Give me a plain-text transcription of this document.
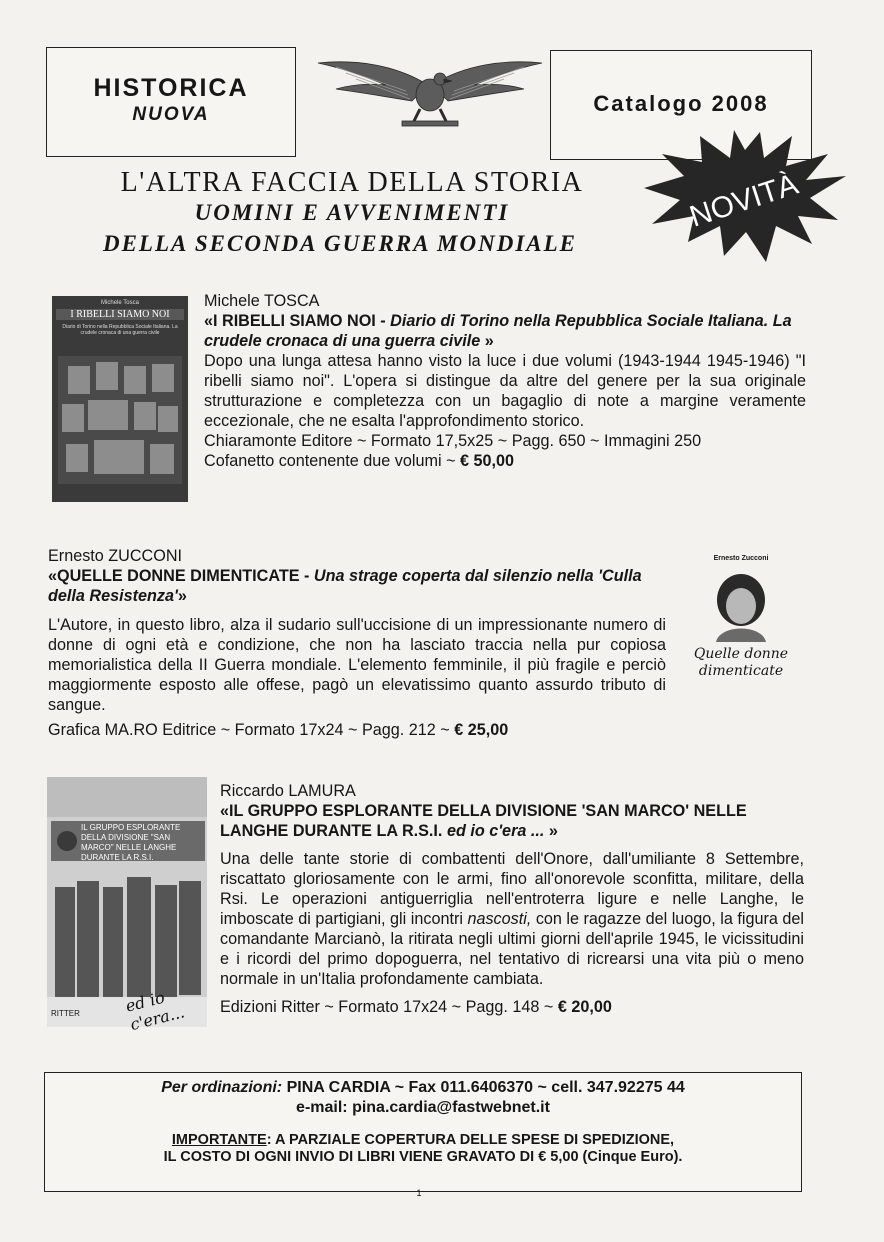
HISTORICA
NUOVA	Catalogo 2008
NOVITÀ
L'ALTRA FACCIA DELLA STORIA
UOMINI E AVVENIMENTI
DELLA SECONDA GUERRA MONDIALE
Michele Tosca
I RIBELLI SIAMO NOI
Diario di Torino nella Repubblica Sociale Italiana. La crudele cronaca di una guerra civile

Michele TOSCA

«I RIBELLI SIAMO NOI - Diario di Torino nella Repubblica Sociale Italiana. La crudele cronaca di una guerra civile »

Dopo una lunga attesa hanno visto la luce i due volumi (1943-1944 1945-1946) "I ribelli siamo noi". L'opera si distingue da altre del genere per la sua originale strutturazione e completezza con un bagaglio di note a margine veramente eccezionale, che ne esalta l'approfondimento storico.

Chiaramonte Editore ~ Formato 17,5x25 ~ Pagg. 650 ~ Immagini 250

Cofanetto contenente due volumi ~ € 50,00

Ernesto ZUCCONI

«QUELLE DONNE DIMENTICATE - Una strage coperta dal silenzio nella 'Culla della Resistenza'»

L'Autore, in questo libro, alza il sudario sull'uccisione di un impressionante numero di donne di ogni età e condizione, che non ha lasciato traccia nella pur copiosa memorialistica della II Guerra mondiale. L'elemento femminile, il più fragile e perciò maggiormente esposto alle offese, pagò un elevatissimo quanto assurdo tributo di sangue.

Grafica MA.RO Editrice ~ Formato 17x24 ~ Pagg. 212 ~ € 25,00

Ernesto Zucconi
Quelle donne dimenticate
IL GRUPPO ESPLORANTE DELLA DIVISIONE "SAN MARCO" NELLE LANGHE DURANTE LA R.S.I.
ed io c'era...
RITTER

Riccardo LAMURA

«IL GRUPPO ESPLORANTE DELLA DIVISIONE 'SAN MARCO' NELLE LANGHE DURANTE LA R.S.I. ed io c'era ... »

Una delle tante storie di combattenti dell'Onore, dall'umiliante 8 Settembre, riscattato gloriosamente con le armi, fino all'onorevole sconfitta, militare, della Rsi. Le operazioni antiguerriglia nell'entroterra ligure e nelle Langhe, le imboscate di partigiani, gli incontri nascosti, con le ragazze del luogo, la figura del comandante Marcianò, la ritirata negli ultimi giorni dell'aprile 1945, le vicissitudini e i ricordi del primo dopoguerra, nel tentativo di ricrearsi una vita più o meno normale in un'Italia profondamente cambiata.

Edizioni Ritter ~ Formato 17x24 ~ Pagg. 148 ~ € 20,00

Per ordinazioni: PINA CARDIA ~ Fax 011.6406370 ~ cell. 347.92275 44
e-mail: pina.cardia@fastwebnet.it
IMPORTANTE: A PARZIALE COPERTURA DELLE SPESE DI SPEDIZIONE,
IL COSTO DI OGNI INVIO DI LIBRI VIENE GRAVATO DI € 5,00 (Cinque Euro).
1
